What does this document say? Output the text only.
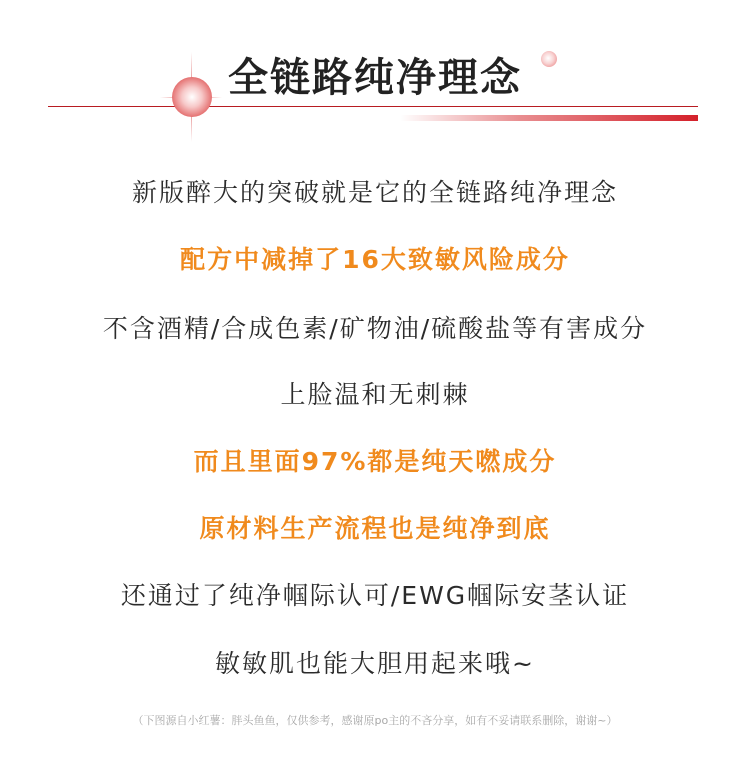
全链路纯净理念
新版醉大的突破就是它的全链路纯净理念
配方中减掉了16大致敏风险成分
不含酒精/合成色素/矿物油/硫酸盐等有害成分
上脸温和无刺棘
而且里面97%都是纯天嘫成分
原材料生产流程也是纯净到底
还通过了纯净帼际认可/EWG帼际安茎认证
敏敏肌也能大胆用起来哦~
（下图源自小红薯：胖头鱼鱼，仅供参考，感谢原po主的不吝分享，如有不妥请联系删除，谢谢~）
